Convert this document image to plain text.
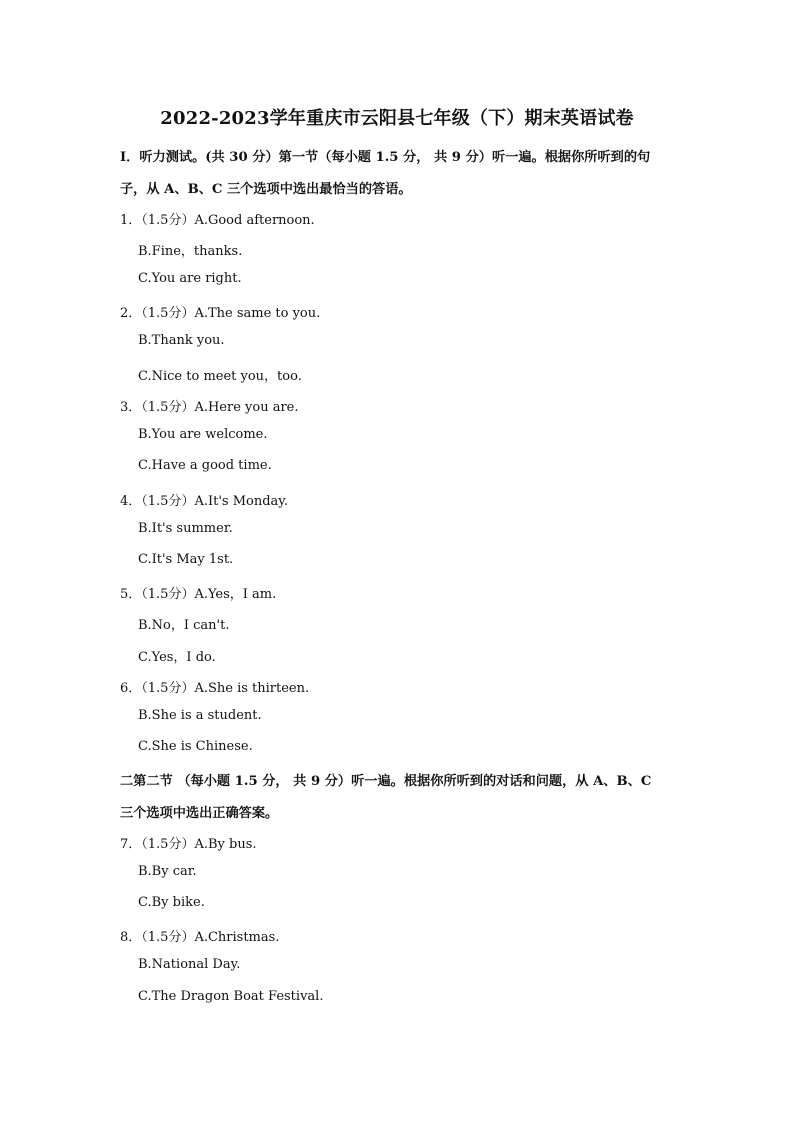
2022-2023学年重庆市云阳县七年级（下）期末英语试卷
Ⅰ．听力测试。(共 30 分）第一节（每小题 1.5 分， 共 9 分）听一遍。根据你所听到的句
子，从 A、B、C 三个选项中选出最恰当的答语。
1．（1.5分）A.Good afternoon.
B.Fine，thanks.
C.You are right.
2．（1.5分）A.The same to you.
B.Thank you.
C.Nice to meet you，too.
3．（1.5分）A.Here you are.
B.You are welcome.
C.Have a good time.
4．（1.5分）A.It's Monday.
B.It's summer.
C.It's May 1st.
5．（1.5分）A.Yes，I am.
B.No，I can't.
C.Yes，I do.
6．（1.5分）A.She is thirteen.
B.She is a student.
C.She is Chinese.
二第二节 （每小题 1.5 分， 共 9 分）听一遍。根据你所听到的对话和问题，从 A、B、C
三个选项中选出正确答案。
7．（1.5分）A.By bus.
B.By car.
C.By bike.
8．（1.5分）A.Christmas.
B.National Day.
C.The Dragon Boat Festival.
